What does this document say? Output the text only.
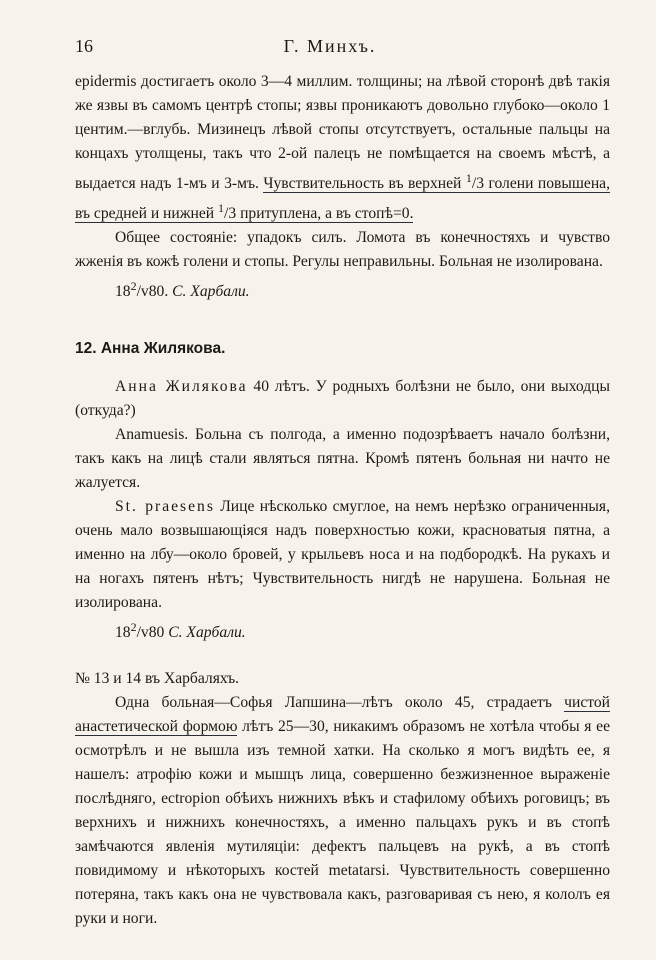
16	Г. Минхъ.

epidermis достигаетъ около 3—4 миллим. толщины; на лѣвой сторонѣ двѣ такія же язвы въ самомъ центрѣ стопы; язвы проникаютъ довольно глубоко—около 1 центим.—вглубь. Мизинецъ лѣвой стопы отсутствуетъ, остальные пальцы на концахъ утолщены, такъ что 2-ой палецъ не помѣщается на своемъ мѣстѣ, а выдается надъ 1-мъ и 3-мъ. Чувствительность въ верхней $^1$/3 голени повышена, въ средней и нижней $^1$/3 притуплена, а въ стопѣ=0.

Общее состояніе: упадокъ силъ. Ломота въ конечностяхъ и чувство жженія въ кожѣ голени и стопы. Регулы неправильны. Больная не изолирована.

$18^2/v80$. С. Харбали.

12. Анна Жилякова.

Анна Жилякова 40 лѣтъ. У родныхъ болѣзни не было, они выходцы (откуда?)

Anamuesis. Больна съ полгода, а именно подозрѣваетъ начало болѣзни, такъ какъ на лицѣ стали являться пятна. Кромѣ пятенъ больная ни начто не жалуется.

St. praesens Лице нѣсколько смуглое, на немъ нерѣзко ограниченныя, очень мало возвышающіяся надъ поверхностью кожи, красноватыя пятна, а именно на лбу—около бровей, у крыльевъ носа и на подбородкѣ. На рукахъ и на ногахъ пятенъ нѣтъ; Чувствительность нигдѣ не нарушена. Больная не изолирована.

$18^2/v80$ С. Харбали.

№ 13 и 14 въ Харбаляхъ.

Одна больная—Софья Лапшина—лѣтъ около 45, страдаетъ чистой анастетической формою лѣтъ 25—30, никакимъ образомъ не хотѣла чтобы я ее осмотрѣлъ и не вышла изъ темной хатки. На сколько я могъ видѣть ее, я нашелъ: атрофію кожи и мышцъ лица, совершенно безжизненное выраженіе послѣдняго, ectropion обѣихъ нижнихъ вѣкъ и стафилому обѣихъ роговицъ; въ верхнихъ и нижнихъ конечностяхъ, а именно пальцахъ рукъ и въ стопѣ замѣчаются явленія мутиляціи: дефектъ пальцевъ на рукѣ, а въ стопѣ повидимому и нѣкоторыхъ костей metatarsi. Чувствительность совершенно потеряна, такъ какъ она не чувствовала какъ, разговаривая съ нею, я кололъ ея руки и ноги.
